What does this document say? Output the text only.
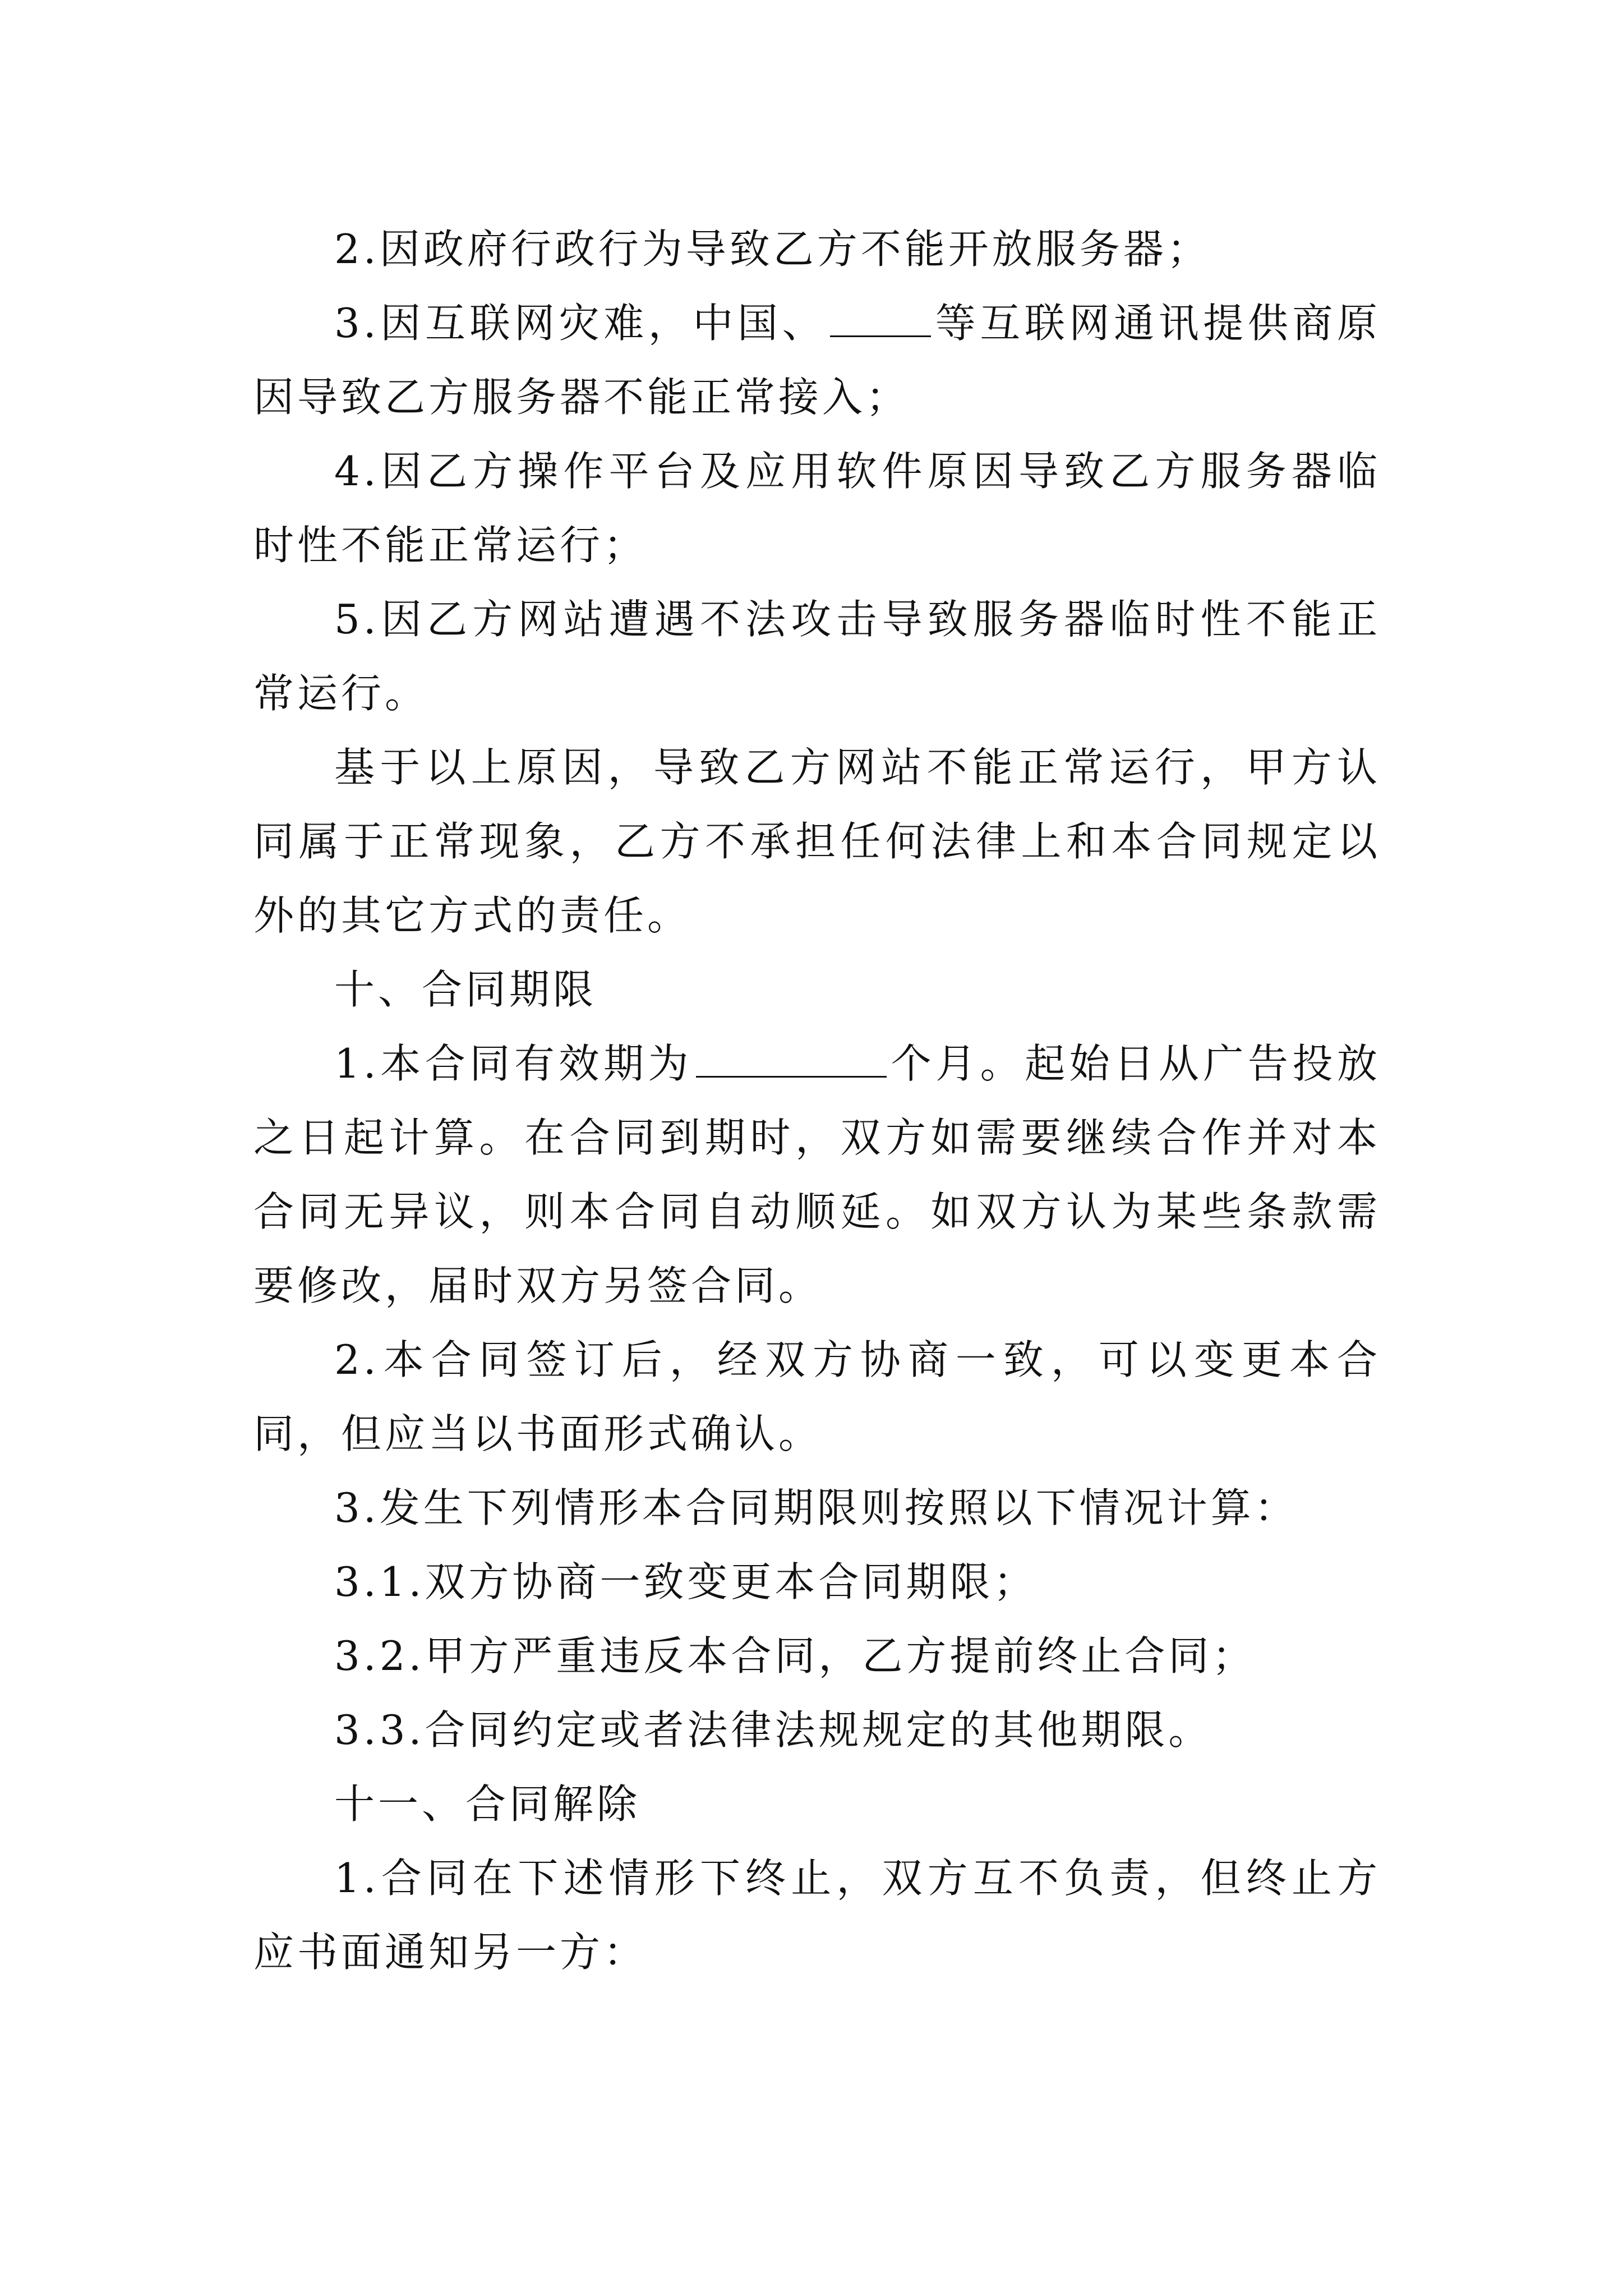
2.因政府行政行为导致乙方不能开放服务器；

3.因互联网灾难，中国、	等互联网通讯提供商原因导致乙方服务器不能正常接入；

4.因乙方操作平台及应用软件原因导致乙方服务器临时性不能正常运行；

5.因乙方网站遭遇不法攻击导致服务器临时性不能正常运行。

基于以上原因，导致乙方网站不能正常运行，甲方认同属于正常现象，乙方不承担任何法律上和本合同规定以外的其它方式的责任。

十、合同期限

1.本合同有效期为	个月。起始日从广告投放之日起计算。在合同到期时，双方如需要继续合作并对本合同无异议，则本合同自动顺延。如双方认为某些条款需要修改，届时双方另签合同。

2.本合同签订后，经双方协商一致，可以变更本合同，但应当以书面形式确认。

3.发生下列情形本合同期限则按照以下情况计算：

3.1.双方协商一致变更本合同期限；

3.2.甲方严重违反本合同，乙方提前终止合同；

3.3.合同约定或者法律法规规定的其他期限。

十一、合同解除

1.合同在下述情形下终止，双方互不负责，但终止方应书面通知另一方：
